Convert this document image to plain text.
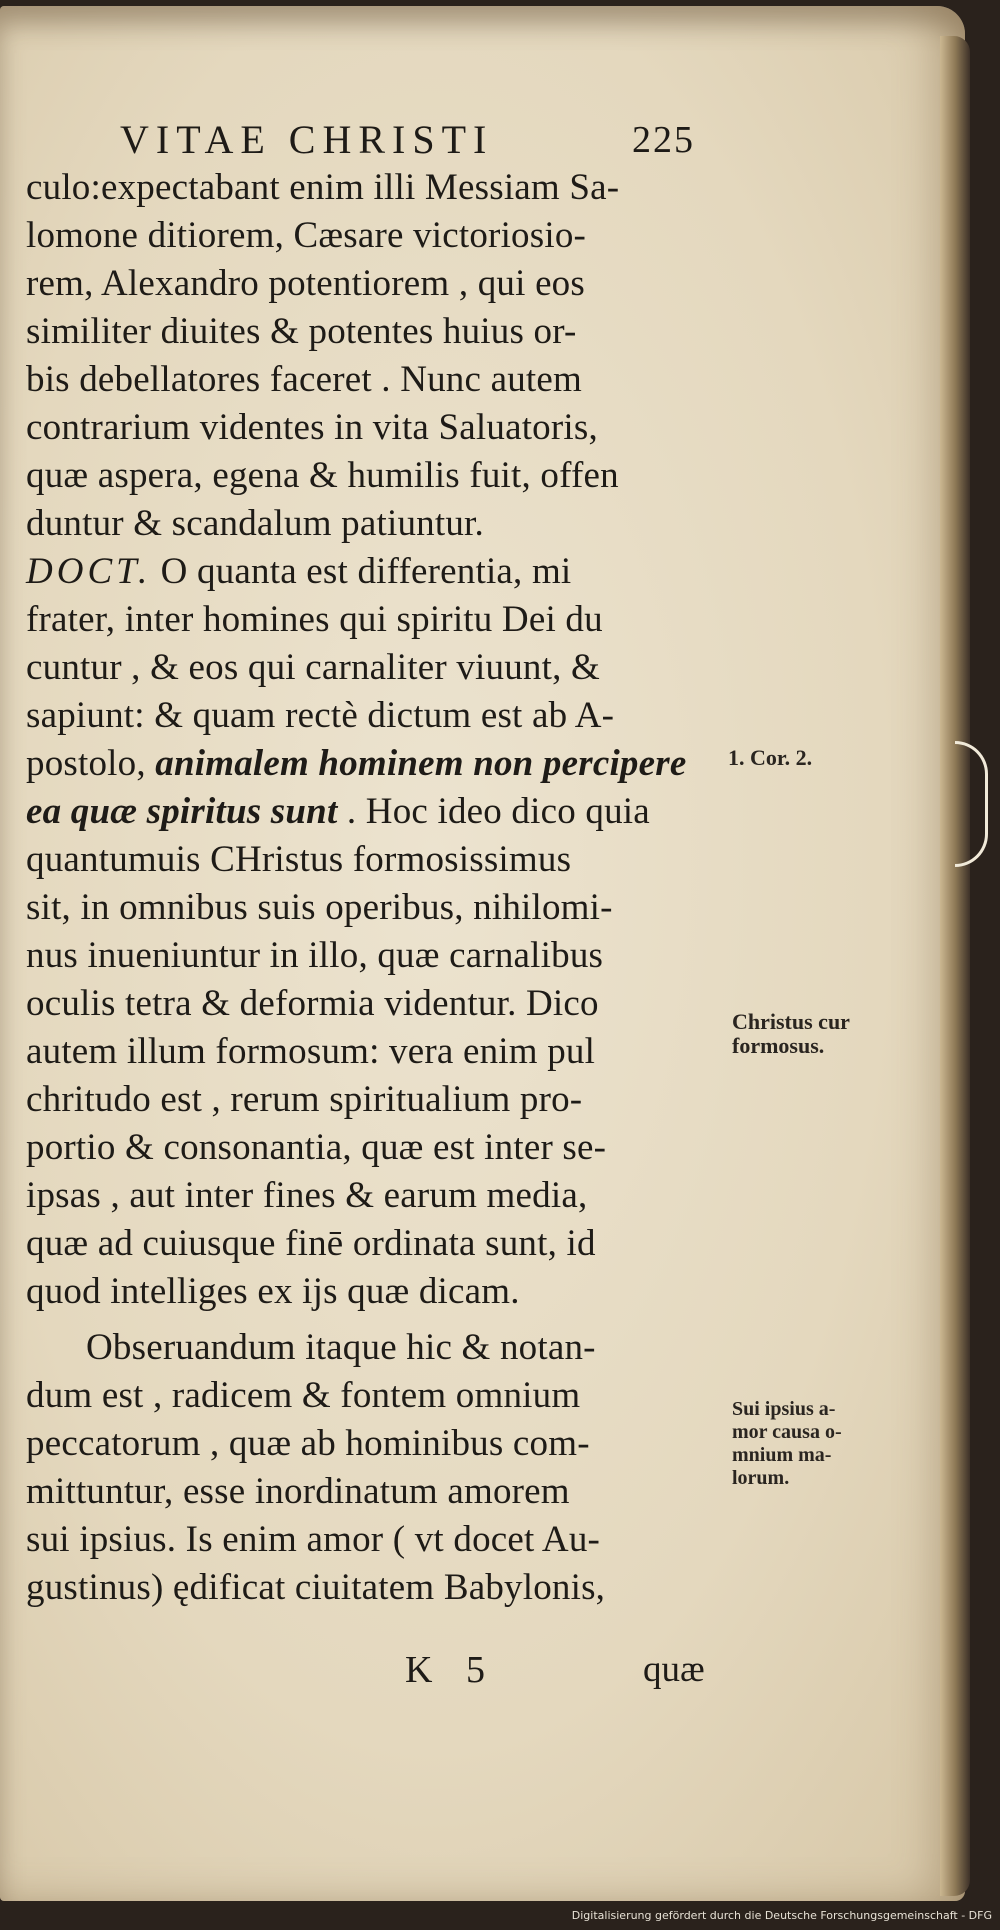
VITAE CHRISTI	225

culo:expectabant enim illi Messiam Sa-

lomone ditiorem, Cæsare victoriosio-

rem, Alexandro potentiorem , qui eos

similiter diuites & potentes huius or-

bis debellatores faceret . Nunc autem

contrarium videntes in vita Saluatoris,

quæ aspera, egena & humilis fuit, offen

duntur & scandalum patiuntur.

DOCT. O quanta est differentia, mi

frater, inter homines qui spiritu Dei du

cuntur , & eos qui carnaliter viuunt, &

sapiunt: & quam rectè dictum est ab A-

postolo, animalem hominem non percipere

ea quæ spiritus sunt . Hoc ideo dico quia

quantumuis CHristus formosissimus

sit, in omnibus suis operibus, nihilomi-

nus inueniuntur in illo, quæ carnalibus

oculis tetra & deformia videntur. Dico

autem illum formosum: vera enim pul

chritudo est , rerum spiritualium pro-

portio & consonantia, quæ est inter se-

ipsas , aut inter fines & earum media,

quæ ad cuiusque finē ordinata sunt, id

quod intelliges ex ijs quæ dicam.

Obseruandum itaque hic & notan-

dum est , radicem & fontem omnium

peccatorum , quæ ab hominibus com-

mittuntur, esse inordinatum amorem

sui ipsius. Is enim amor ( vt docet Au-

gustinus) ędificat ciuitatem Babylonis,

K 5	quæ

1. Cor. 2.

Christus cur
formosus.

Sui ipsius a-
mor causa o-
mnium ma-
lorum.

Digitalisierung gefördert durch die Deutsche Forschungsgemeinschaft - DFG
